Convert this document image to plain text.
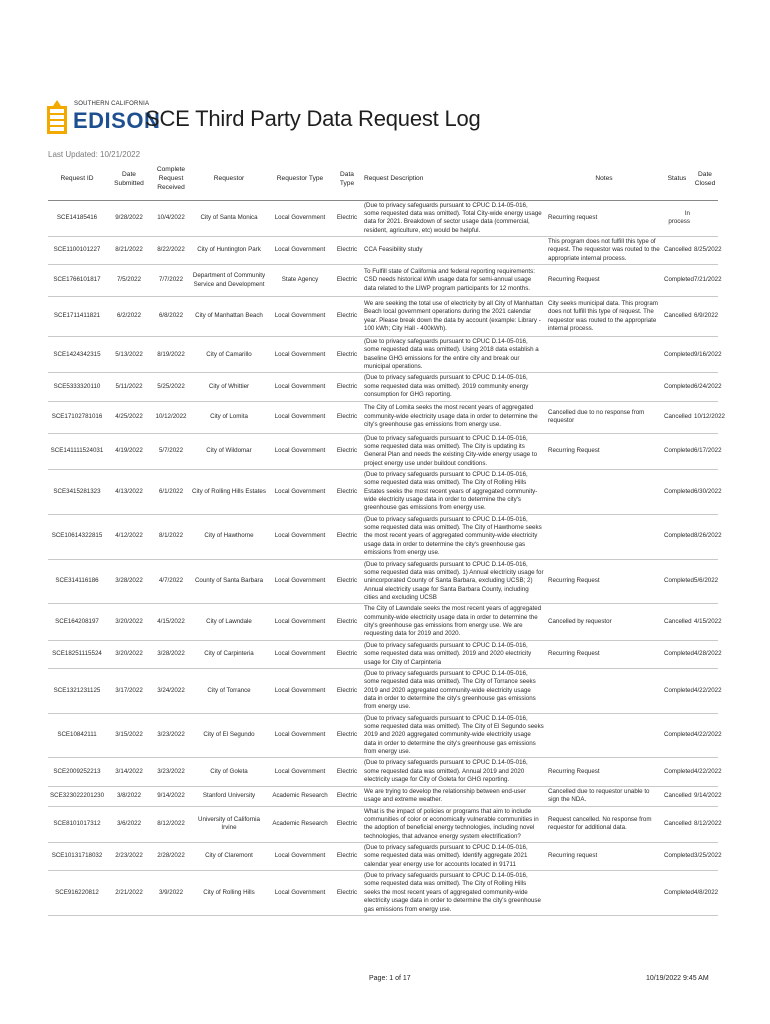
SOUTHERN CALIFORNIA
EDISON
SCE Third Party Data Request Log
Last Updated: 10/21/2022
Request ID	Date Submitted	Complete Request Received	Requestor	Requestor Type	Data Type	Request Description	Notes	Status	Date Closed
SCE14185416	9/28/2022	10/4/2022	City of Santa Monica	Local Government	Electric	(Due to privacy safeguards pursuant to CPUC D.14-05-016, some requested data was omitted). Total City-wide energy usage data for 2021. Breakdown of sector usage data (commercial, resident, agriculture, etc) would be helpful.	Recurring request	In process	
SCE1100101227	8/21/2022	8/22/2022	City of Huntington Park	Local Government	Electric	CCA Feasibility study	This program does not fulfill this type of request. The requestor was routed to the appropriate internal process.	Cancelled	8/25/2022
SCE1766101817	7/5/2022	7/7/2022	Department of Community Service and Development	State Agency	Electric	To Fulfill state of California and federal reporting requirements: CSD needs historical kWh usage data for semi-annual usage data related to the LIWP program participants for 12 months.	Recurring Request	Completed	7/21/2022
SCE1711411821	6/2/2022	6/8/2022	City of Manhattan Beach	Local Government	Electric	We are seeking the total use of electricity by all City of Manhattan Beach local government operations during the 2021 calendar year. Please break down the data by account (example: Library - 100 kWh; City Hall - 400kWh).	City seeks municipal data. This program does not fulfill this type of request. The requestor was routed to the appropriate internal process.	Cancelled	6/9/2022
SCE1424342315	5/13/2022	8/19/2022	City of Camarillo	Local Government	Electric	(Due to privacy safeguards pursuant to CPUC D.14-05-016, some requested data was omitted). Using 2018 data establish a baseline GHG emissions for the entire city and break our municipal operations.		Completed	9/16/2022
SCE5333320110	5/11/2022	5/25/2022	City of Whittier	Local Government	Electric	(Due to privacy safeguards pursuant to CPUC D.14-05-016, some requested data was omitted). 2019 community energy consumption for GHG reporting.		Completed	6/24/2022
SCE17102781016	4/25/2022	10/12/2022	City of Lomita	Local Government	Electric	The City of Lomita seeks the most recent years of aggregated community-wide electricity usage data in order to determine the city's greenhouse gas emissions from energy use.	Cancelled due to no response from requestor	Cancelled	10/12/2022
SCE141111524031	4/19/2022	5/7/2022	City of Wildomar	Local Government	Electric	(Due to privacy safeguards pursuant to CPUC D.14-05-016, some requested data was omitted). The City is updating its General Plan and needs the existing City-wide energy usage to project energy use under buildout conditions.	Recurring Request	Completed	6/17/2022
SCE3415281323	4/13/2022	6/1/2022	City of Rolling Hills Estates	Local Government	Electric	(Due to privacy safeguards pursuant to CPUC D.14-05-016, some requested data was omitted). The City of Rolling Hills Estates seeks the most recent years of aggregated community-wide electricity usage data in order to determine the city's greenhouse gas emissions from energy use.		Completed	6/30/2022
SCE10614322815	4/12/2022	8/1/2022	City of Hawthorne	Local Government	Electric	(Due to privacy safeguards pursuant to CPUC D.14-05-016, some requested data was omitted). The City of Hawthorne seeks the most recent years of aggregated community-wide electricity usage data in order to determine the city's greenhouse gas emissions from energy use.		Completed	8/26/2022
SCE314116186	3/28/2022	4/7/2022	County of Santa Barbara	Local Government	Electric	(Due to privacy safeguards pursuant to CPUC D.14-05-016, some requested data was omitted). 1) Annual electricity usage for unincorporated County of Santa Barbara, excluding UCSB; 2) Annual electricity usage for Santa Barbara County, including cities and excluding UCSB	Recurring Request	Completed	5/6/2022
SCE164208197	3/20/2022	4/15/2022	City of Lawndale	Local Government	Electric	The City of Lawndale seeks the most recent years of aggregated community-wide electricity usage data in order to determine the city's greenhouse gas emissions from energy use. We are requesting data for 2019 and 2020.	Cancelled by requestor	Cancelled	4/15/2022
SCE18251115524	3/20/2022	3/28/2022	City of Carpinteria	Local Government	Electric	(Due to privacy safeguards pursuant to CPUC D.14-05-016, some requested data was omitted). 2019 and 2020 electricity usage for City of Carpinteria	Recurring Request	Completed	4/28/2022
SCE1321231125	3/17/2022	3/24/2022	City of Torrance	Local Government	Electric	(Due to privacy safeguards pursuant to CPUC D.14-05-016, some requested data was omitted). The City of Torrance seeks 2019 and 2020 aggregated community-wide electricity usage data in order to determine the city's greenhouse gas emissions from energy use.		Completed	4/22/2022
SCE10842111	3/15/2022	3/23/2022	City of El Segundo	Local Government	Electric	(Due to privacy safeguards pursuant to CPUC D.14-05-016, some requested data was omitted). The City of El Segundo seeks 2019 and 2020 aggregated community-wide electricity usage data in order to determine the city's greenhouse gas emissions from energy use.		Completed	4/22/2022
SCE2009252213	3/14/2022	3/23/2022	City of Goleta	Local Government	Electric	(Due to privacy safeguards pursuant to CPUC D.14-05-016, some requested data was omitted). Annual 2019 and 2020 electricity usage for City of Goleta for GHG reporting.	Recurring Request	Completed	4/22/2022
SCE323022201230	3/8/2022	9/14/2022	Stanford University	Academic Research	Electric	We are trying to develop the relationship between end-user usage and extreme weather.	Cancelled due to requestor unable to sign the NDA.	Cancelled	9/14/2022
SCE8101017312	3/6/2022	8/12/2022	University of California Irvine	Academic Research	Electric	What is the impact of policies or programs that aim to include communities of color or economically vulnerable communities in the adoption of beneficial energy technologies, including novel technologies, that advance energy system electrification?	Request cancelled. No response from requestor for additional data.	Cancelled	8/12/2022
SCE10131718032	2/23/2022	2/28/2022	City of Claremont	Local Government	Electric	(Due to privacy safeguards pursuant to CPUC D.14-05-016, some requested data was omitted). Identify aggregate 2021 calendar year energy use for accounts located in 91711	Recurring request	Completed	3/25/2022
SCE916220812	2/21/2022	3/9/2022	City of Rolling Hills	Local Government	Electric	(Due to privacy safeguards pursuant to CPUC D.14-05-016, some requested data was omitted). The City of Rolling Hills seeks the most recent years of aggregated community-wide electricity usage data in order to determine the city's greenhouse gas emissions from energy use.		Completed	4/8/2022
Page: 1 of 17	10/19/2022 9:45 AM
